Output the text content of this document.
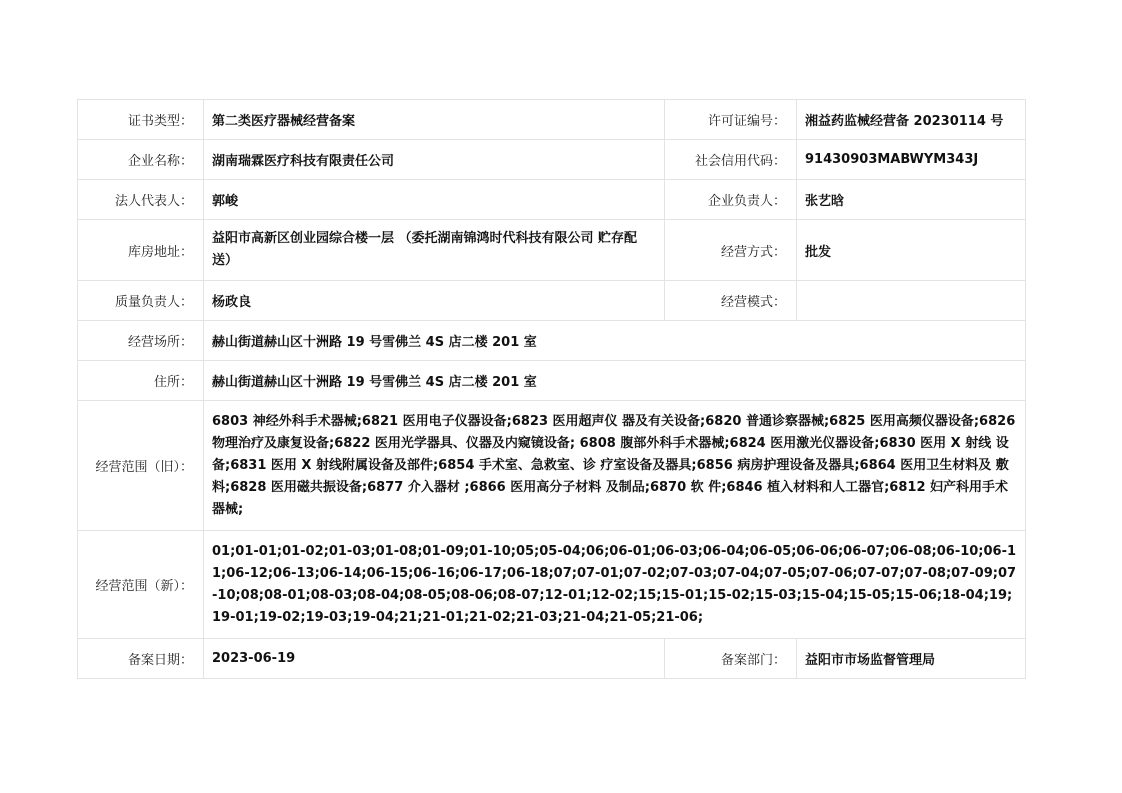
证书类型：	第二类医疗器械经营备案	许可证编号：	湘益药监械经营备 20230114 号
企业名称：	湖南瑞霖医疗科技有限责任公司	社会信用代码：	91430903MABWYM343J
法人代表人：	郭峻	企业负责人：	张艺晗
库房地址：	益阳市高新区创业园综合楼一层 （委托湖南锦鸿时代科技有限公司 贮存配送）	经营方式：	批发
质量负责人：	杨政良	经营模式：	
经营场所：	赫山街道赫山区十洲路 19 号雪佛兰 4S 店二楼 201 室		
住所：	赫山街道赫山区十洲路 19 号雪佛兰 4S 店二楼 201 室		
经营范围（旧）：	6803 神经外科手术器械;6821 医用电子仪器设备;6823 医用超声仪 器及有关设备;6820 普通诊察器械;6825 医用高频仪器设备;6826 物理治疗及康复设备;6822 医用光学器具、仪器及内窥镜设备; 6808 腹部外科手术器械;6824 医用激光仪器设备;6830 医用 X 射线 设备;6831 医用 X 射线附属设备及部件;6854 手术室、急救室、诊 疗室设备及器具;6856 病房护理设备及器具;6864 医用卫生材料及 敷料;6828 医用磁共振设备;6877 介入器材 ;6866 医用高分子材料 及制品;6870 软 件;6846 植入材料和人工器官;6812 妇产科用手术 器械;		
经营范围（新）：	01;01-01;01-02;01-03;01-08;01-09;01-10;05;05-04;06;06-01;06-03;06-04;06-05;06-06;06-07;06-08;06-10;06-11;06-12;06-13;06-14;06-15;06-16;06-17;06-18;07;07-01;07-02;07-03;07-04;07-05;07-06;07-07;07-08;07-09;07-10;08;08-01;08-03;08-04;08-05;08-06;08-07;12-01;12-02;15;15-01;15-02;15-03;15-04;15-05;15-06;18-04;19;19-01;19-02;19-03;19-04;21;21-01;21-02;21-03;21-04;21-05;21-06;		
备案日期：	2023-06-19	备案部门：	益阳市市场监督管理局
